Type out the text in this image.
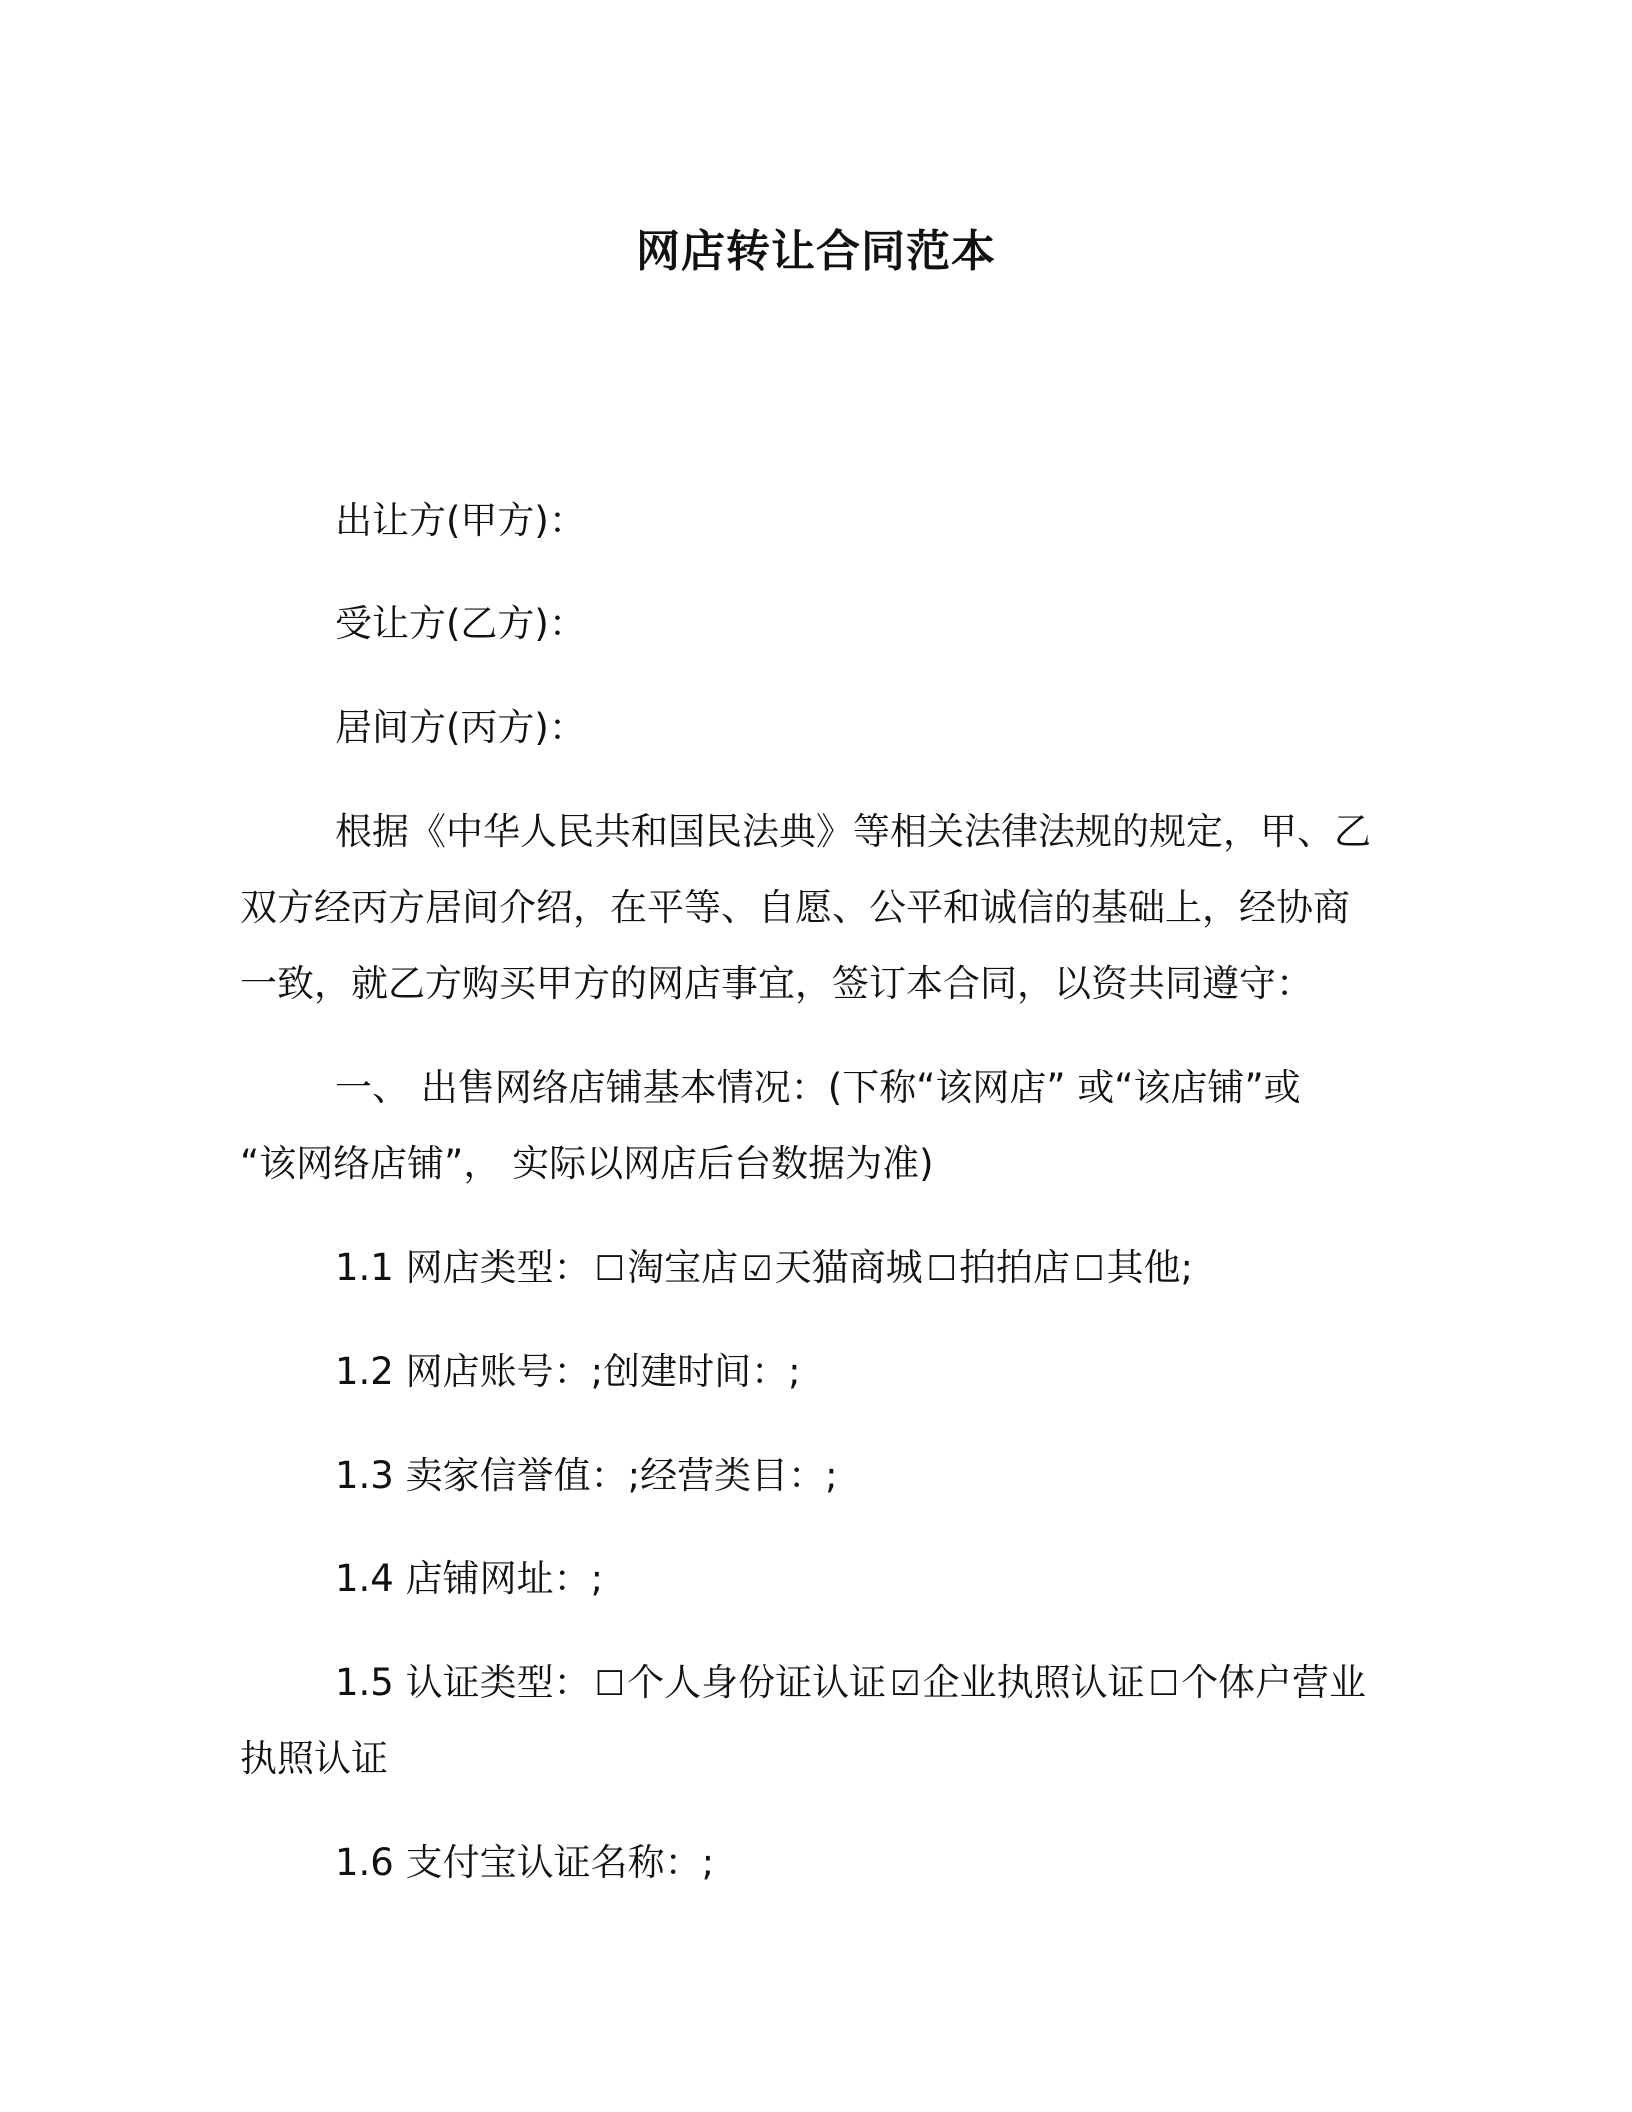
网店转让合同范本
出让方(甲方)：
受让方(乙方)：
居间方(丙方)：
根据《中华人民共和国民法典》等相关法律法规的规定，甲、乙
双方经丙方居间介绍，在平等、自愿、公平和诚信的基础上，经协商
一致，就乙方购买甲方的网店事宜，签订本合同，以资共同遵守：
一、 出售网络店铺基本情况：(下称“该网店” 或“该店铺”或
“该网络店铺”， 实际以网店后台数据为准)
1.1 网店类型： ☐淘宝店 ☑天猫商城 ☐拍拍店 ☐其他;
1.2 网店账号：;创建时间：;
1.3 卖家信誉值：;经营类目：;
1.4 店铺网址：;
1.5 认证类型： ☐个人身份证认证 ☑企业执照认证 ☐个体户营业
执照认证
1.6 支付宝认证名称：;
